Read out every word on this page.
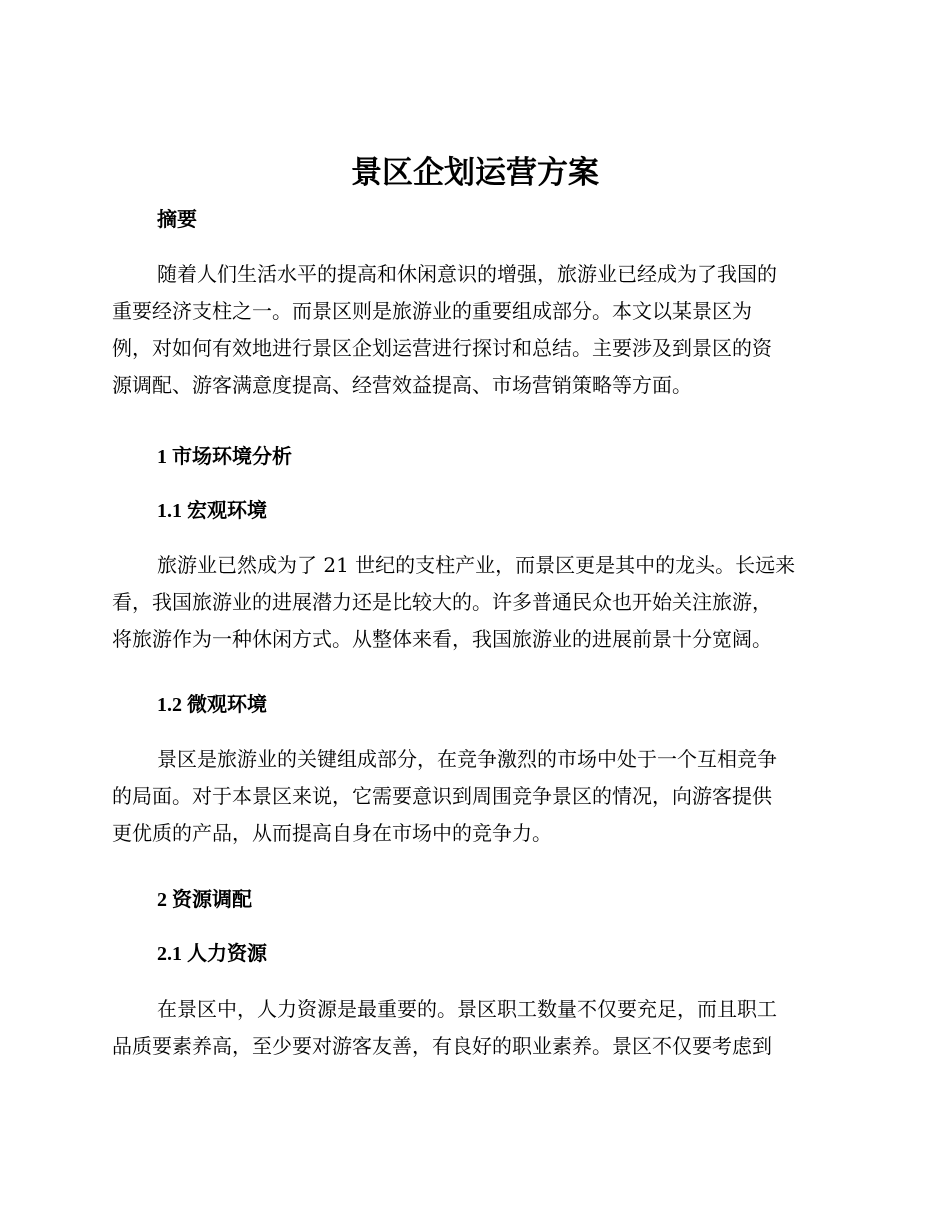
景区企划运营方案
摘要
随着人们生活水平的提高和休闲意识的增强，旅游业已经成为了我国的
重要经济支柱之一。而景区则是旅游业的重要组成部分。本文以某景区为
例，对如何有效地进行景区企划运营进行探讨和总结。主要涉及到景区的资
源调配、游客满意度提高、经营效益提高、市场营销策略等方面。
1 市场环境分析
1.1 宏观环境
旅游业已然成为了 21 世纪的支柱产业，而景区更是其中的龙头。长远来
看，我国旅游业的进展潜力还是比较大的。许多普通民众也开始关注旅游，
将旅游作为一种休闲方式。从整体来看，我国旅游业的进展前景十分宽阔。
1.2 微观环境
景区是旅游业的关键组成部分，在竞争激烈的市场中处于一个互相竞争
的局面。对于本景区来说，它需要意识到周围竞争景区的情况，向游客提供
更优质的产品，从而提高自身在市场中的竞争力。
2 资源调配
2.1 人力资源
在景区中，人力资源是最重要的。景区职工数量不仅要充足，而且职工
品质要素养高，至少要对游客友善，有良好的职业素养。景区不仅要考虑到
